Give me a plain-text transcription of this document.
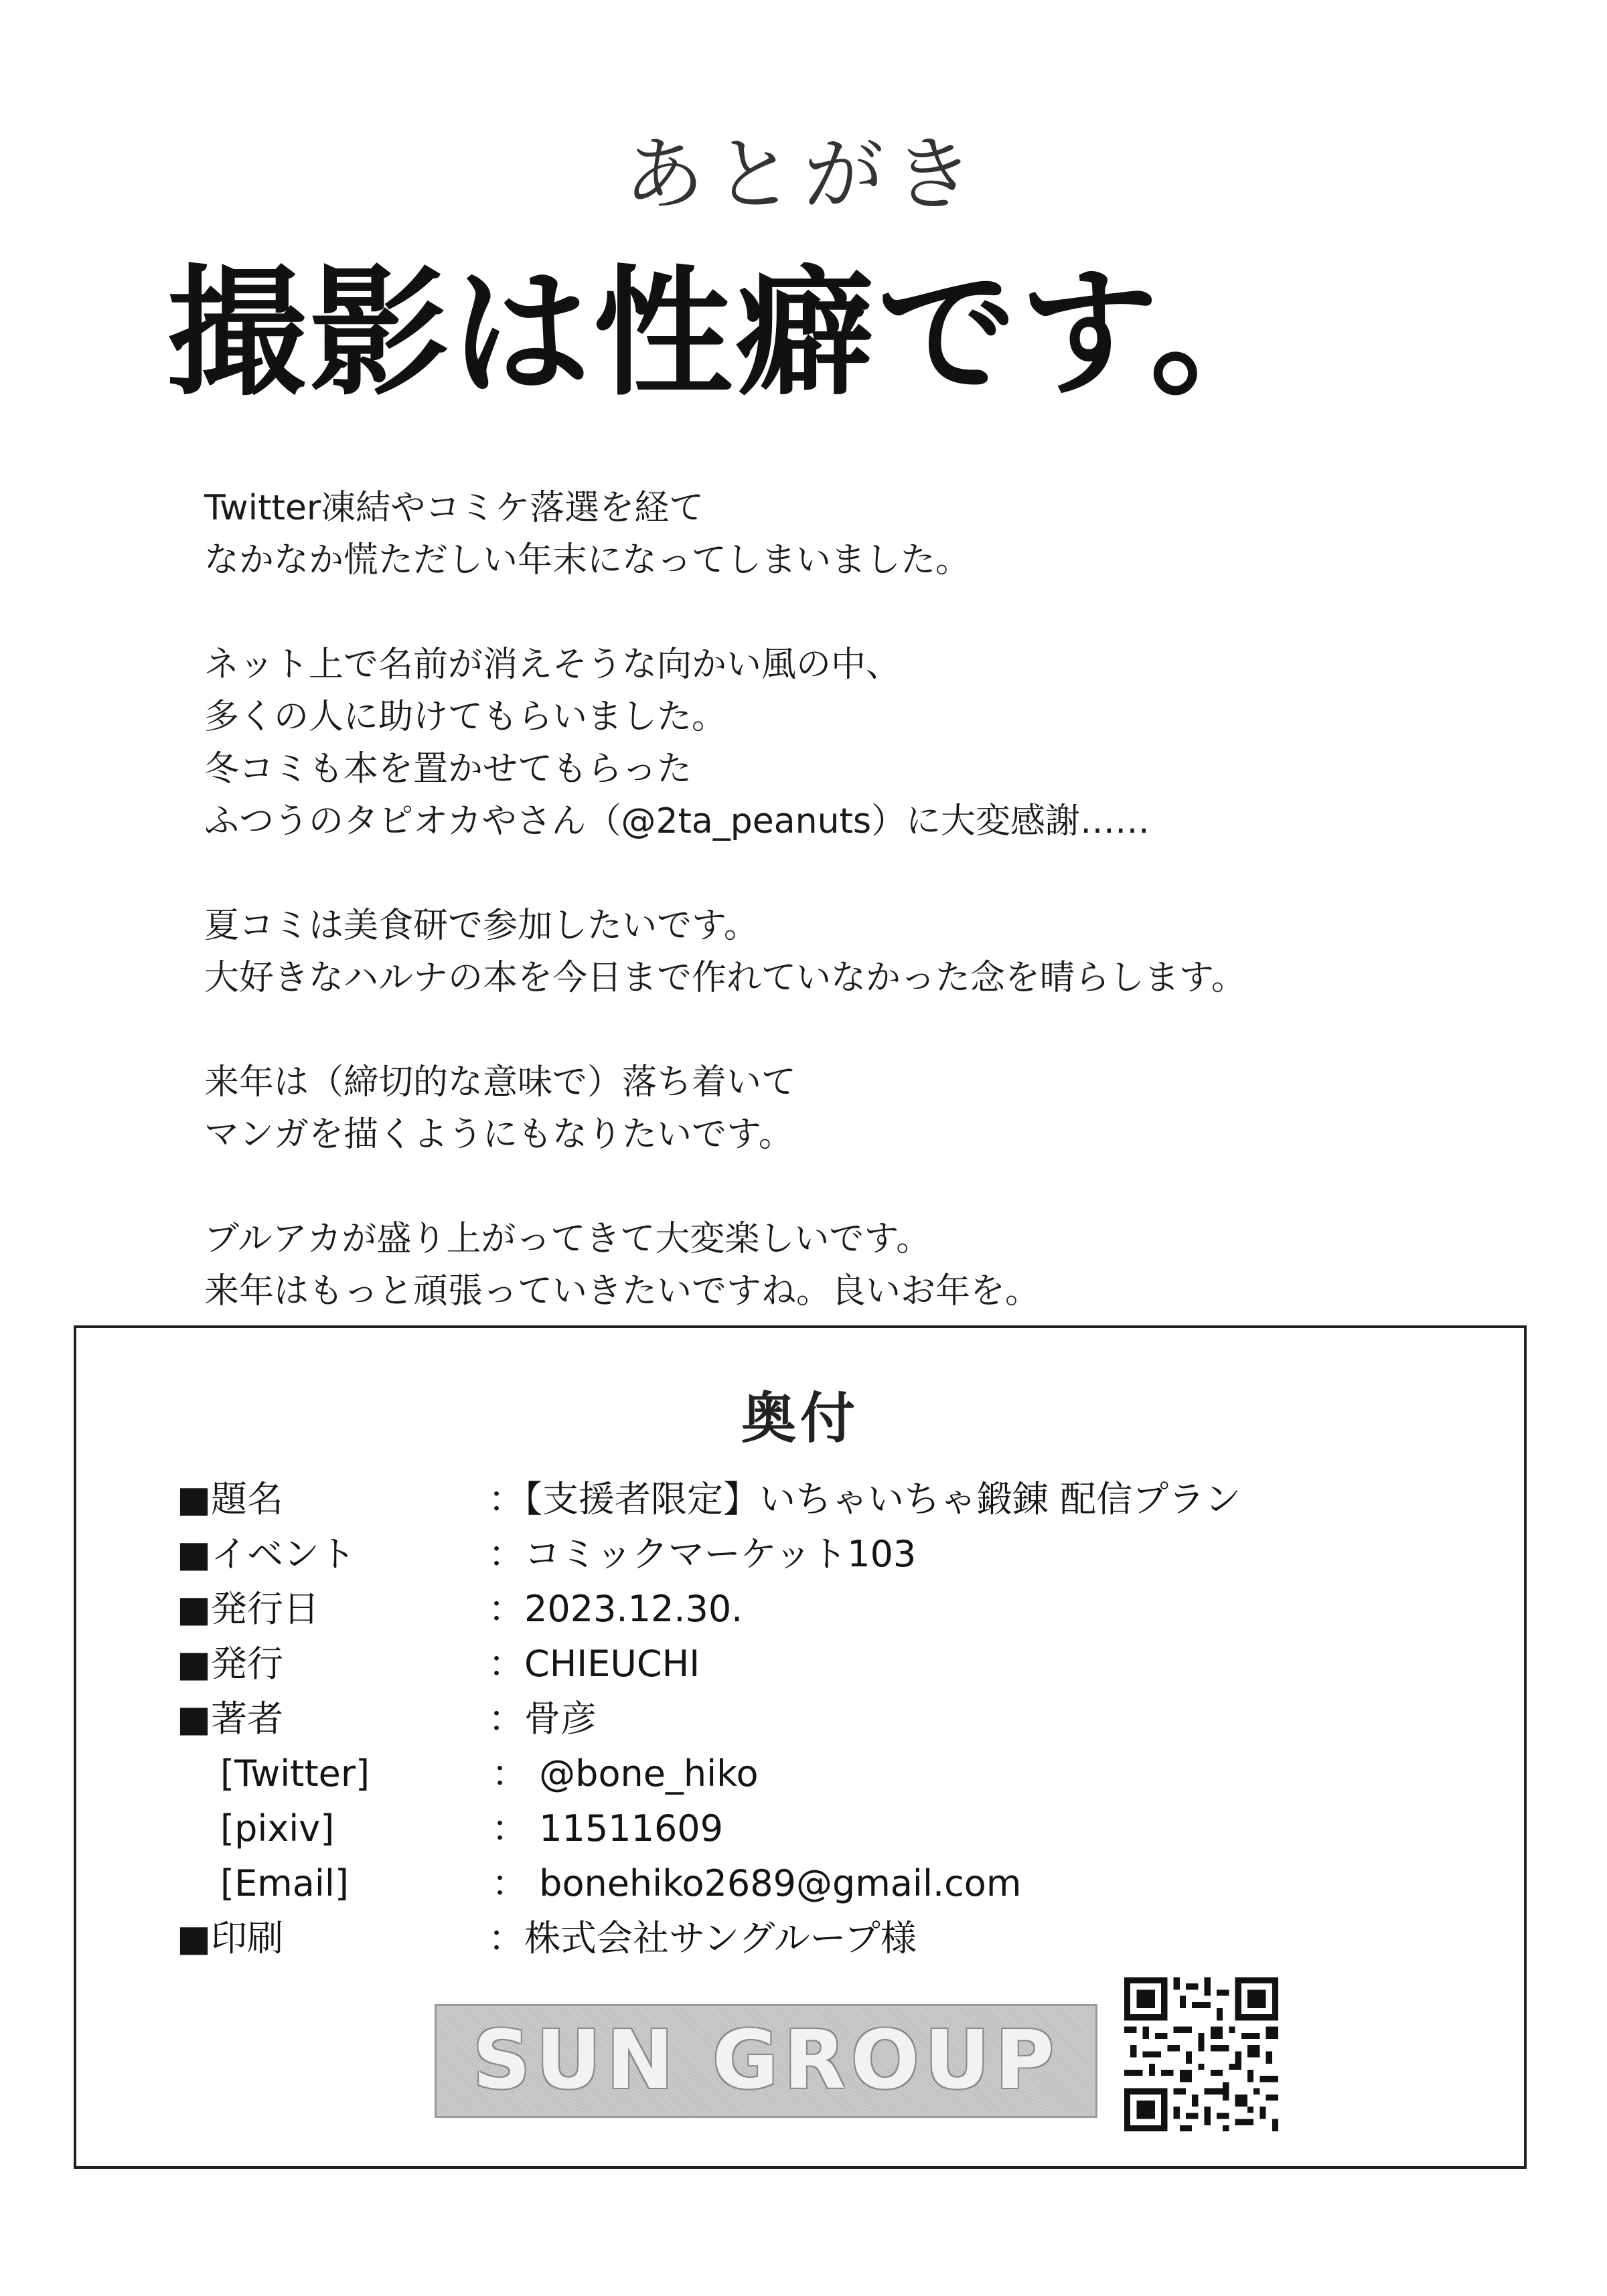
あとがき
撮影は性癖です。
Twitter凍結やコミケ落選を経て
なかなか慌ただしい年末になってしまいました。
ネット上で名前が消えそうな向かい風の中、
多くの人に助けてもらいました。
冬コミも本を置かせてもらった
ふつうのタピオカやさん（@2ta_peanuts）に大変感謝……
夏コミは美食研で参加したいです。
大好きなハルナの本を今日まで作れていなかった念を晴らします。
来年は（締切的な意味で）落ち着いて
マンガを描くようにもなりたいです。
ブルアカが盛り上がってきて大変楽しいです。
来年はもっと頑張っていきたいですね。良いお年を。
奥付
■題名	：【支援者限定】いちゃいちゃ鍛錬 配信プラン
■イベント	：コミックマーケット103
■発行日	：2023.12.30.
■発行	：CHIEUCHI
■著者	：骨彦
[Twitter]	： @bone_hiko
[pixiv]	： 11511609
[Email]	： bonehiko2689@gmail.com
■印刷	：株式会社サングループ様
SUN GROUP
